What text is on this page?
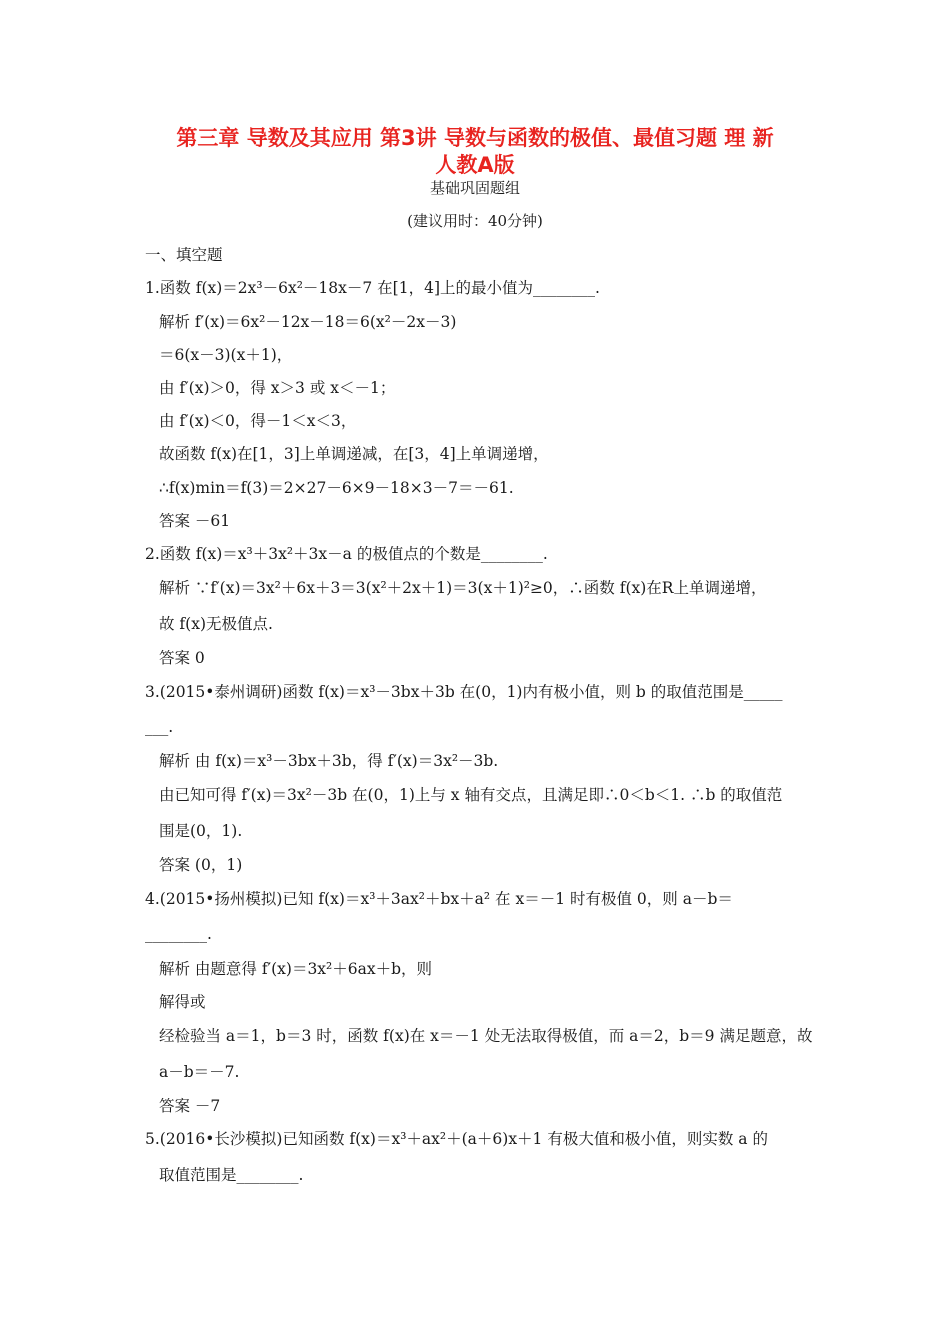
第三章 导数及其应用 第3讲 导数与函数的极值、最值习题 理 新
人教A版
基础巩固题组
(建议用时：40分钟)
一、填空题
1.函数 f(x)＝2x³－6x²－18x－7 在[1，4]上的最小值为________.
解析 f′(x)＝6x²－12x－18＝6(x²－2x－3)
＝6(x－3)(x＋1)，
由 f′(x)＞0，得 x＞3 或 x＜－1；
由 f′(x)＜0，得－1＜x＜3，
故函数 f(x)在[1，3]上单调递减，在[3，4]上单调递增，
∴f(x)min＝f(3)＝2×27－6×9－18×3－7＝－61.
答案 －61
2.函数 f(x)＝x³＋3x²＋3x－a 的极值点的个数是________.
解析 ∵f′(x)＝3x²＋6x＋3＝3(x²＋2x＋1)＝3(x＋1)²≥0，∴函数 f(x)在R上单调递增，
故 f(x)无极值点.
答案 0
3.(2015•泰州调研)函数 f(x)＝x³－3bx＋3b 在(0，1)内有极小值，则 b 的取值范围是_____
___.
解析 由 f(x)＝x³－3bx＋3b，得 f′(x)＝3x²－3b.
由已知可得 f′(x)＝3x²－3b 在(0，1)上与 x 轴有交点，且满足即∴0＜b＜1. ∴b 的取值范
围是(0，1).
答案 (0，1)
4.(2015•扬州模拟)已知 f(x)＝x³＋3ax²＋bx＋a² 在 x＝－1 时有极值 0，则 a－b＝
________.
解析 由题意得 f′(x)＝3x²＋6ax＋b，则
解得或
经检验当 a＝1，b＝3 时，函数 f(x)在 x＝－1 处无法取得极值，而 a＝2，b＝9 满足题意，故
a－b＝－7.
答案 －7
5.(2016•长沙模拟)已知函数 f(x)＝x³＋ax²＋(a＋6)x＋1 有极大值和极小值，则实数 a 的
取值范围是________.
